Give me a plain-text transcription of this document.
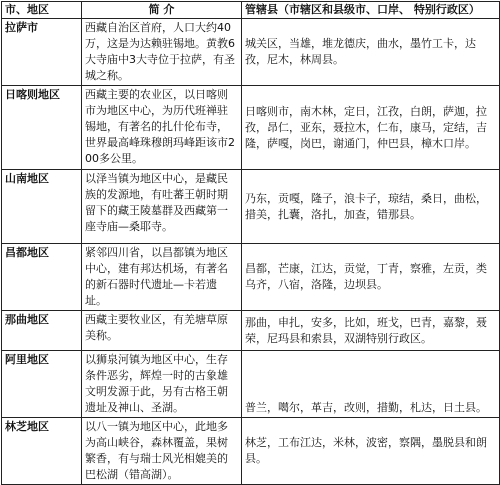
市、地区	简 介	管辖县（市辖区和县级市、口岸、 特别行政区）
拉萨市	西藏自治区首府，人口大约40万，这是为达赖驻锡地。黄教6大寺庙中3大寺位于拉萨，有圣城之称。	城关区，当雄，堆龙德庆，曲水，墨竹工卡，达孜，尼木，林周县。
日喀则地区	西藏主要的农业区，以日喀则市为地区中心，为历代班禅驻锡地，有著名的扎什伦布寺，世界最高峰珠穆朗玛峰距该市200多公里。	日喀则市，南木林，定日，江孜，白朗，萨迦，拉孜，昂仁，亚东，聂拉木，仁布，康马，定结，吉隆，萨嘎，岗巴，谢通门，仲巴县，樟木口岸。
山南地区	以泽当镇为地区中心，是藏民族的发源地，有吐蕃王朝时期留下的藏王陵墓群及西藏第一座寺庙—桑耶寺。	乃东，贡嘎，隆子，浪卡子，琼结，桑日，曲松，措美，扎囊，洛扎，加查，错那县。
昌都地区	紧邻四川省，以昌都镇为地区中心，建有邦达机场，有著名的新石器时代遗址—卡若遗址。	昌都，芒康，江达，贡觉，丁青，察雅，左贡，类乌齐，八宿，洛隆，边坝县。
那曲地区	西藏主要牧业区，有羌塘草原美称。	那曲，申扎，安多，比如，班戈，巴青，嘉黎，聂荣，尼玛县和索县，双湖特别行政区。
阿里地区	以狮泉河镇为地区中心，生存条件恶劣，辉煌一时的古象雄文明发源于此，另有古格王朝遗址及神山、圣湖。	普兰，噶尔，革吉，改则，措勤，札达，日土县。
林芝地区	以八一镇为地区中心，此地多为高山峡谷，森林覆盖，果树繁香，有与瑞士风光相媲美的巴松湖（错高湖）。	林芝，工布江达，米林，波密，察隅，墨脱县和朗县。
